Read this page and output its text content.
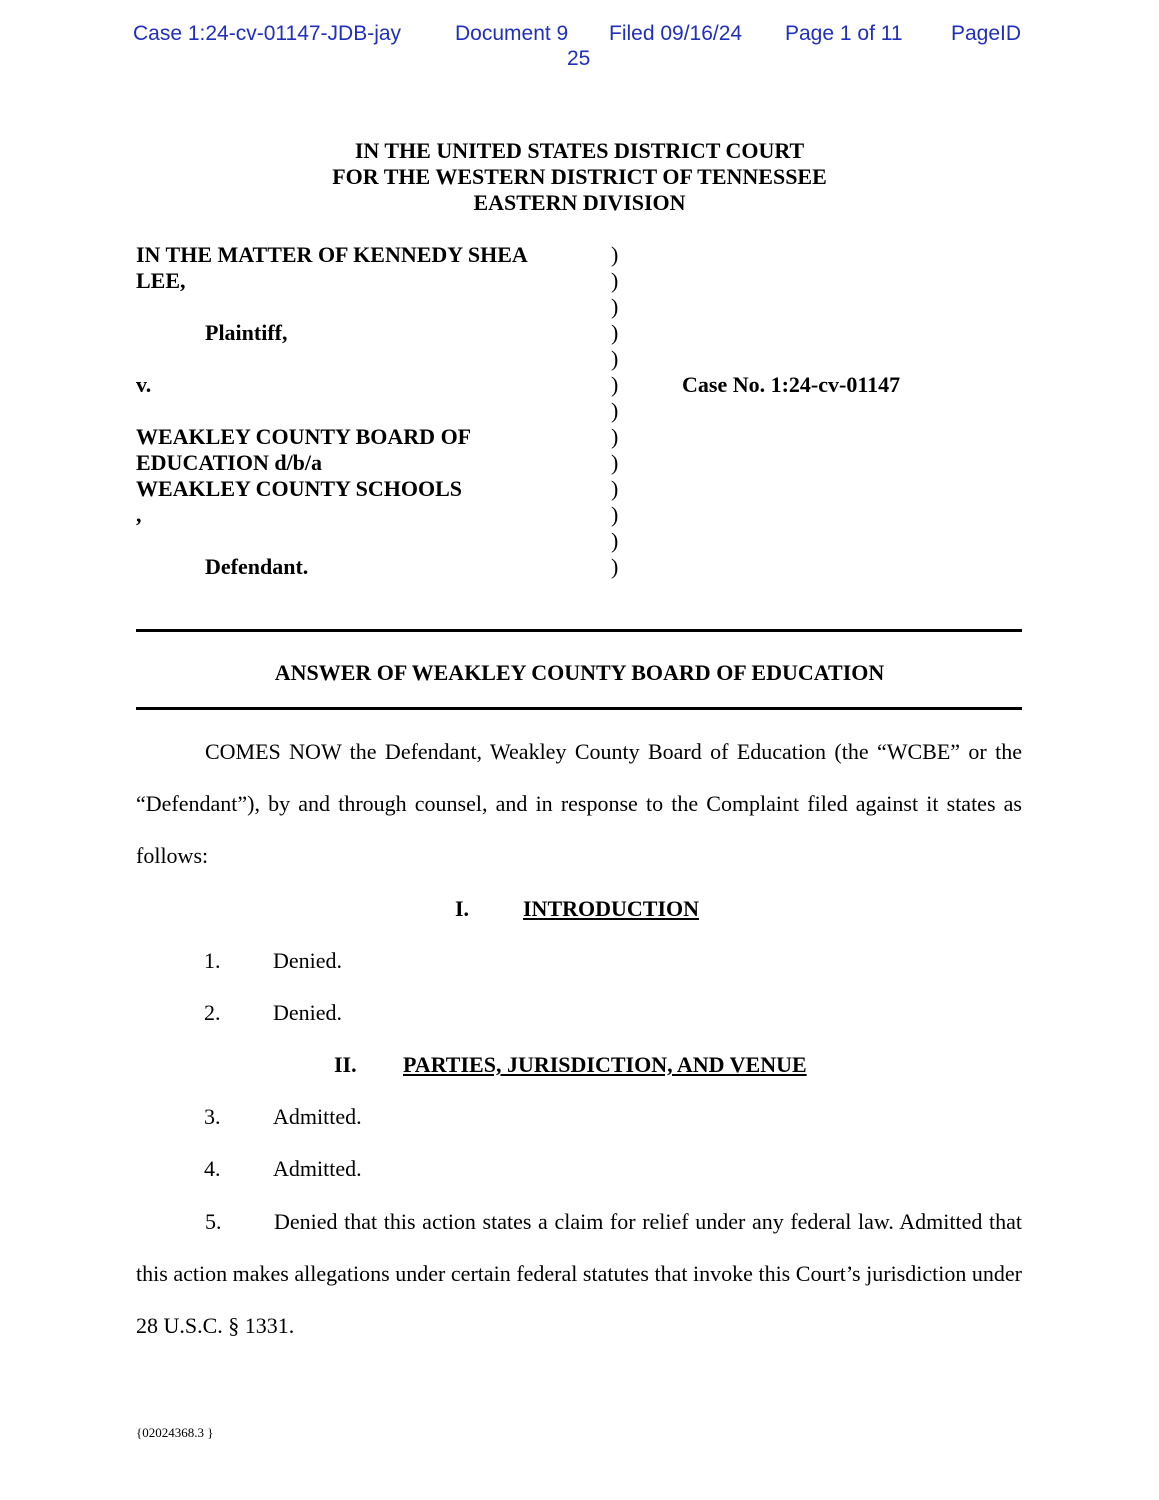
Case 1:24-cv-01147-JDB-jay	Document 9 Filed 09/16/24 Page 1 of 11 PageID
25
IN THE UNITED STATES DISTRICT COURT
FOR THE WESTERN DISTRICT OF TENNESSEE
EASTERN DIVISION
IN THE MATTER OF KENNEDY SHEA
LEE,
Plaintiff,
v.
WEAKLEY COUNTY BOARD OF
EDUCATION d/b/a
WEAKLEY COUNTY SCHOOLS
,
Defendant.
)
)
)
)
)
)
)
)
)
)
)
)
)
Case No. 1:24-cv-01147
ANSWER OF WEAKLEY COUNTY BOARD OF EDUCATION
COMES NOW the Defendant, Weakley County Board of Education (the “WCBE” or the “Defendant”), by and through counsel, and in response to the Complaint filed against it states as follows:
I. INTRODUCTION
1. Denied.
2. Denied.
II. PARTIES, JURISDICTION, AND VENUE
3. Admitted.
4. Admitted.
5. Denied that this action states a claim for relief under any federal law. Admitted that this action makes allegations under certain federal statutes that invoke this Court’s jurisdiction under 28 U.S.C. § 1331.
{02024368.3 }
